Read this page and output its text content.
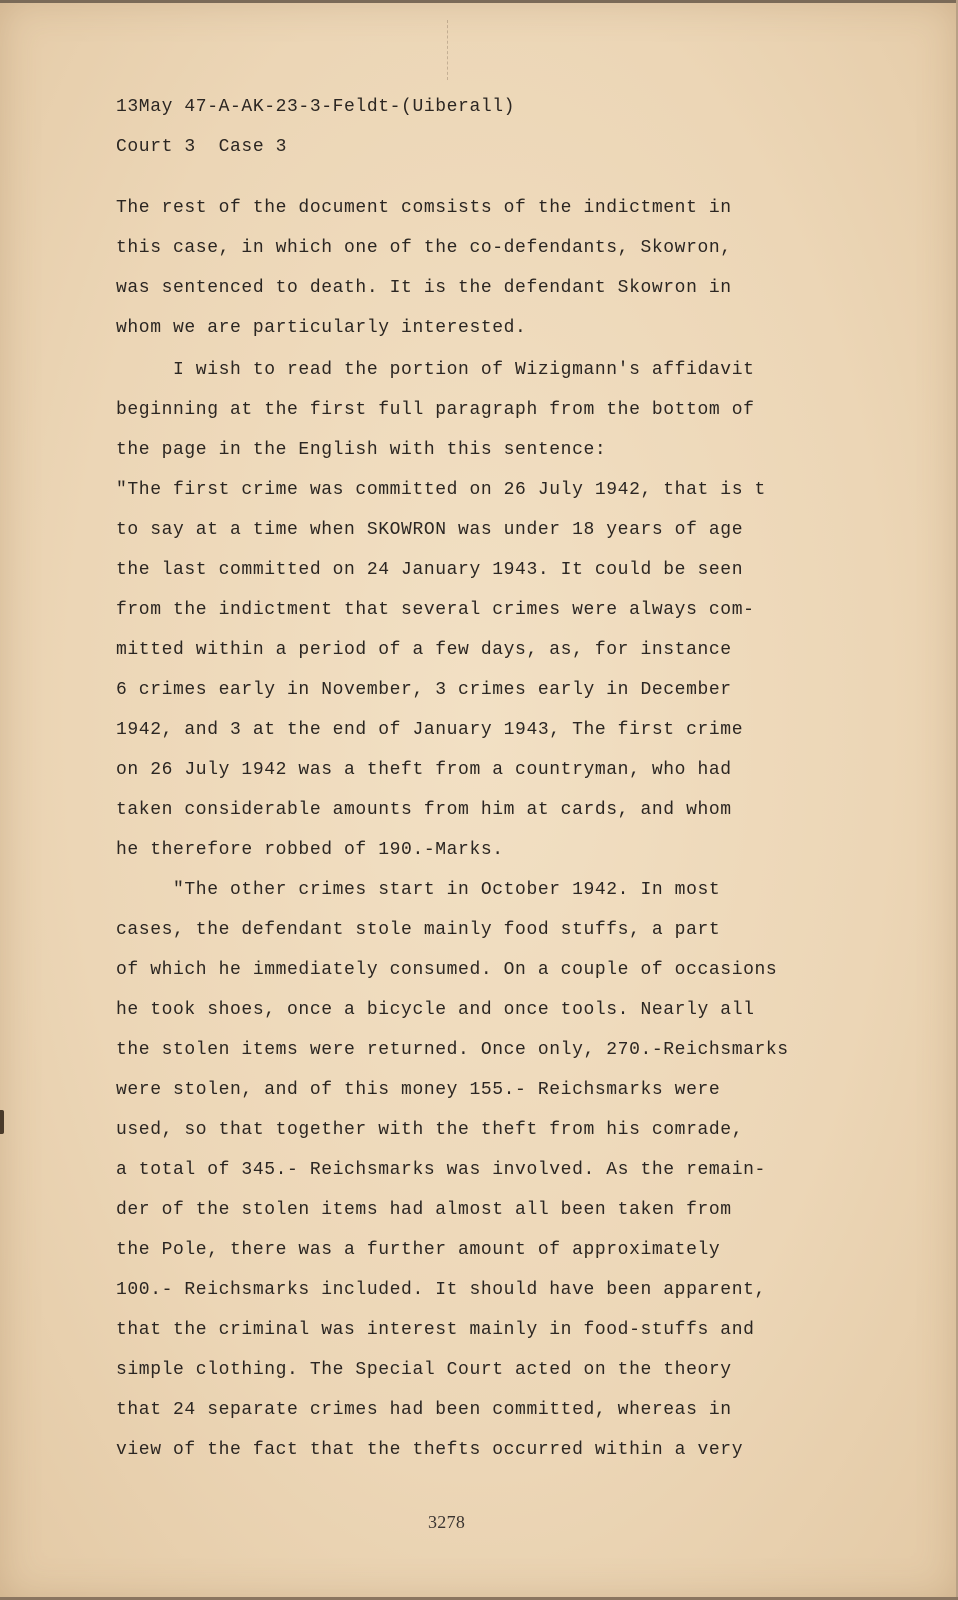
13May 47-A-AK-23-3-Feldt-(Uiberall)

Court 3  Case 3

The rest of the document comsists of the indictment in

this case, in which one of the co-defendants, Skowron,

was sentenced to death. It is the defendant Skowron in

whom we are particularly interested.

I wish to read the portion of Wizigmann's affidavit

beginning at the first full paragraph from the bottom of

the page in the English with this sentence:

"The first crime was committed on 26 July 1942, that is t

to say at a time when SKOWRON was under 18 years of age

the last committed on 24 January 1943. It could be seen

from the indictment that several crimes were always com-

mitted within a period of a few days, as, for instance

6 crimes early in November, 3 crimes early in December

1942, and 3 at the end of January 1943, The first crime

on 26 July 1942 was a theft from a countryman, who had

taken considerable amounts from him at cards, and whom

he therefore robbed of 190.-Marks.

"The other crimes start in October 1942. In most

cases, the defendant stole mainly food stuffs, a part

of which he immediately consumed. On a couple of occasions

he took shoes, once a bicycle and once tools. Nearly all

the stolen items were returned. Once only, 270.-Reichsmarks

were stolen, and of this money 155.- Reichsmarks were

used, so that together with the theft from his comrade,

a total of 345.- Reichsmarks was involved. As the remain-

der of the stolen items had almost all been taken from

the Pole, there was a further amount of approximately

100.- Reichsmarks included. It should have been apparent,

that the criminal was interest mainly in food-stuffs and

simple clothing. The Special Court acted on the theory

that 24 separate crimes had been committed, whereas in

view of the fact that the thefts occurred within a very

3278
